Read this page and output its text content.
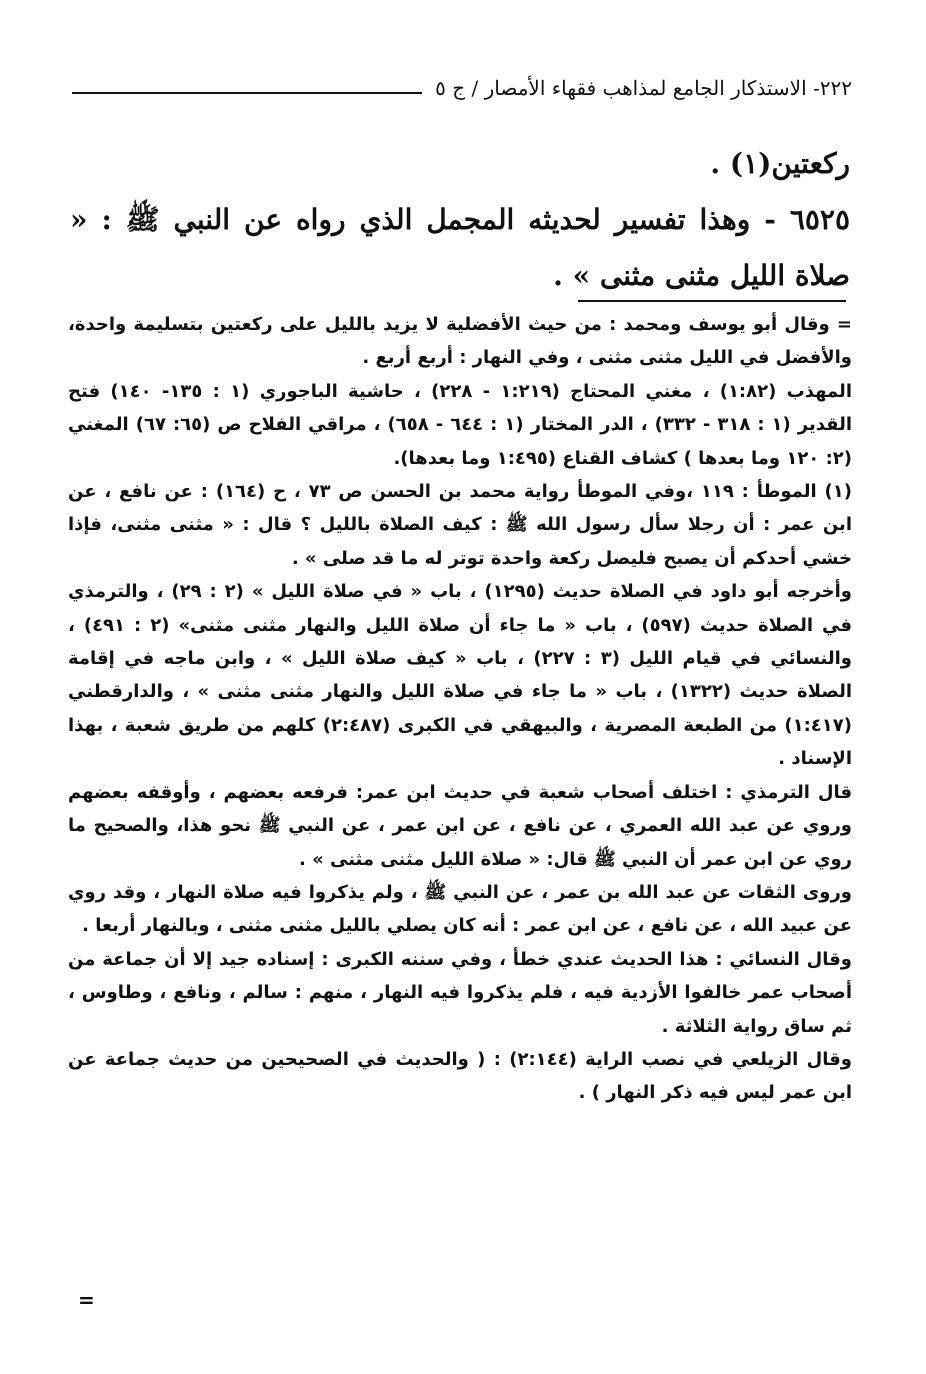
٢٢٢- الاستذكار الجامع لمذاهب فقهاء الأمصار / ج ٥

ركعتين(١) .

٦٥٢٥ - وهذا تفسير لحديثه المجمل الذي رواه عن النبي ﷺ : « صلاة الليل مثنى مثنى » .

= وقال أبو يوسف ومحمد : من حيث الأفضلية لا يزيد بالليل على ركعتين بتسليمة واحدة، والأفضل في الليل مثنى مثنى ، وفي النهار : أربع أربع .

المهذب (١:٨٢) ، مغني المحتاج (١:٢١٩ - ٢٢٨) ، حاشية الباجوري (١ : ١٣٥- ١٤٠) فتح القدير (١ : ٣١٨ - ٣٣٢) ، الدر المختار (١ : ٦٤٤ - ٦٥٨) ، مراقي الفلاح ص (٦٥: ٦٧) المغني (٢: ١٢٠ وما بعدها ) كشاف القناع (١:٤٩٥ وما بعدها).

(١) الموطأ : ١١٩ ،وفي الموطأ رواية محمد بن الحسن ص ٧٣ ، ح (١٦٤) : عن نافع ، عن ابن عمر : أن رجلا سأل رسول الله ﷺ : كيف الصلاة بالليل ؟ قال : « مثنى مثنى، فإذا خشي أحدكم أن يصبح فليصل ركعة واحدة توتر له ما قد صلى » .

وأخرجه أبو داود في الصلاة حديث (١٢٩٥) ، باب « في صلاة الليل » (٢ : ٢٩) ، والترمذي في الصلاة حديث (٥٩٧) ، باب « ما جاء أن صلاة الليل والنهار مثنى مثنى» (٢ : ٤٩١) ، والنسائي في قيام الليل (٣ : ٢٢٧) ، باب « كيف صلاة الليل » ، وابن ماجه في إقامة الصلاة حديث (١٣٢٢) ، باب « ما جاء في صلاة الليل والنهار مثنى مثنى » ، والدارقطني (١:٤١٧) من الطبعة المصرية ، والبيهقي في الكبرى (٢:٤٨٧) كلهم من طريق شعبة ، بهذا الإسناد .

قال الترمذي : اختلف أصحاب شعبة في حديث ابن عمر: فرفعه بعضهم ، وأوقفه بعضهم وروي عن عبد الله العمري ، عن نافع ، عن ابن عمر ، عن النبي ﷺ نحو هذا، والصحيح ما روي عن ابن عمر أن النبي ﷺ قال: « صلاة الليل مثنى مثنى » .

وروى الثقات عن عبد الله بن عمر ، عن النبي ﷺ ، ولم يذكروا فيه صلاة النهار ، وقد روي عن عبيد الله ، عن نافع ، عن ابن عمر : أنه كان يصلي بالليل مثنى مثنى ، وبالنهار أربعا .

وقال النسائي : هذا الحديث عندي خطأ ، وفي سننه الكبرى : إسناده جيد إلا أن جماعة من أصحاب عمر خالفوا الأزدية فيه ، فلم يذكروا فيه النهار ، منهم : سالم ، ونافع ، وطاوس ، ثم ساق رواية الثلاثة .

وقال الزيلعي في نصب الراية (٢:١٤٤) : ( والحديث في الصحيحين من حديث جماعة عن ابن عمر ليس فيه ذكر النهار ) .

=
